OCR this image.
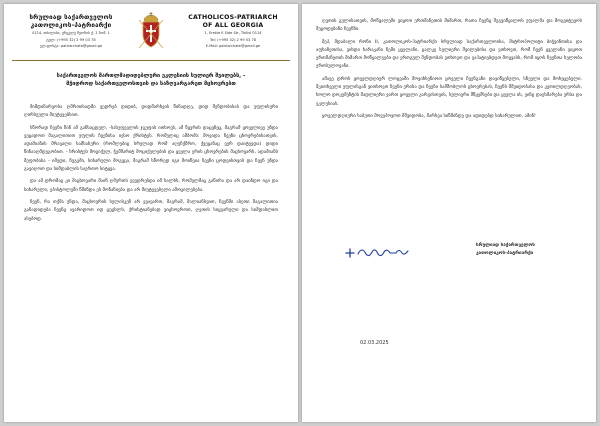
სრულიად საქართველოს
კათოლიკოს-პატრიარქი
0114, თბილისი, ერეკლე მეორის ქ. 1 ნომ. 1
ტელ: (+995 32) 2 99 03 78
ელ.ფოსტა: patriarchate@gmail.ge
CATHOLICOS-PATRIARCH
OF ALL GEORGIA
1, Erekle II Side Str, Tbilisi 0114
Tel: (+995 32) 2 99 03 78
E-Mail: patriarchate@gmail.ge
საქართველოს მართლმადიდებლური ეკლესიის სულიერ შვილებს, -
მჭიდროდ საქართველოსთვის და საზღვარგარეთ მცხოვრებთ

მიმდინარეობა ღმრთისადმი ვედრებ დიდიბ, დიდმარხვის წინადღე, დიდ შენდობისას და უფლისური ღირსეული მიუტევებსით.

სწორად ჩვენი წინ ამ განსაცდელ, -სასუფევლის ჯგუფის ითხოვს, ამ წყვრის დაცვზეც, მაგრამ ყოველივე უნდა ვეცადოთ მაგალითით უფლის ჩვენისა იესო ქრისტეს. რომელიც ამბობს: მოვიდა ჩვენი ცხოვრებისათვის. ადამიანის მრავალი სამსახური (რომლებიც სრულად რომ აღუჩქმრო, ქვეყანაც ვერ დაიტევდა) დიდი წინააღმდეგობით. - ხრისტეს მოციქულ, ჭეშმარიტ მოციქულების და ყველა ერის ცხოვრების მაცხოვარს, ადამიანს მეფობისა - იმედი, ნუგეში, სიხარული მოგვცა, მაგრამ სწორედ იგი მოიწვია ჩვენი ცოდვისთვის და ჩვენ უნდა გავიღოთ და სიმდაბლის საერთო სიტყვა.

და ამ დრომაც კი მაცხოვარი მაინ ღმერთს ევედრებდა იმ ხალხს, რომელმაც გაწირა და არ დაინდო იგი და სიხარული, ეპისტოლეში წმინდა ეს მონანიება და არ მიუტევებელი ამოცილებება.

ჩვენ, რა თქმა უნდა, მაცხოვრის სულისკენ არ ვვავართ, მაგრამ, მალიანსვით, ჩვენში ასეთი მაგალითია განადიდება ჩვენც ავარიდოთ იდ ცეცხლს, ქრისტიანებად ვიცხოვროთ, ღვთის სიყვარული და სიმდაბლით ასებოდ.

ღვთის გულისათვის, მოწყალეში ვიყოთ ერთმანეთის მიმართ, რათა ჩვენც შეგვიწყალოს უფალმა და მოგვიტევოს შეცოდებანი ჩვენნი.

მეპ, მდაბალი რონი II, კათოლიკოს-პატრიარქი სრულიად საქართველოისა, მიტროპოლიტი ბიჭვინთისა და აფხაზეთისა, ვიხდი ხარაკანი ჩემი ყველანი, ცალკე სულიერი შვილებისა და ვთხოვთ, რომ ჩვენ ყველანი ვიყოთ ერთმანეთის მიმართ მოწყალეები და ერთგულ შენდობას ვთხოვთ და ვაპატიებდეთ მოყვასს, რომ იყოს ჩვენთა ხელობა ერთსულოვანი.

ამავე დროს ყოველდღიურ ლოცვაში მოვიხსენიოთ ყოველი ჩვენგანი დავიწყებული, სნეული და მოხუცებული. მკითხველი უფლისგან ვითხოვთ ჩვენი ერისა და ჩვენი სამშობლოს ცხოვრებას, ჩვენს მშვიდობასა და კეთილდღეობას, ხოლო დოკუმენტის მადლიერი ვართ ყოველი კარგისთვის, სულიერი მწყემსები და ყველა ის, ვინც დაეხმარება ერსა და ეკლესიას.

ყოველდღიური საბუთი მოვუპოვოთ მშვიდობა, მარხვა სიწმინდე და ადიდებდ სიხარულით, ამინ!

სრულიად საქართველოს
კათოლიკოს-პატრიარქი
02.03.2025
